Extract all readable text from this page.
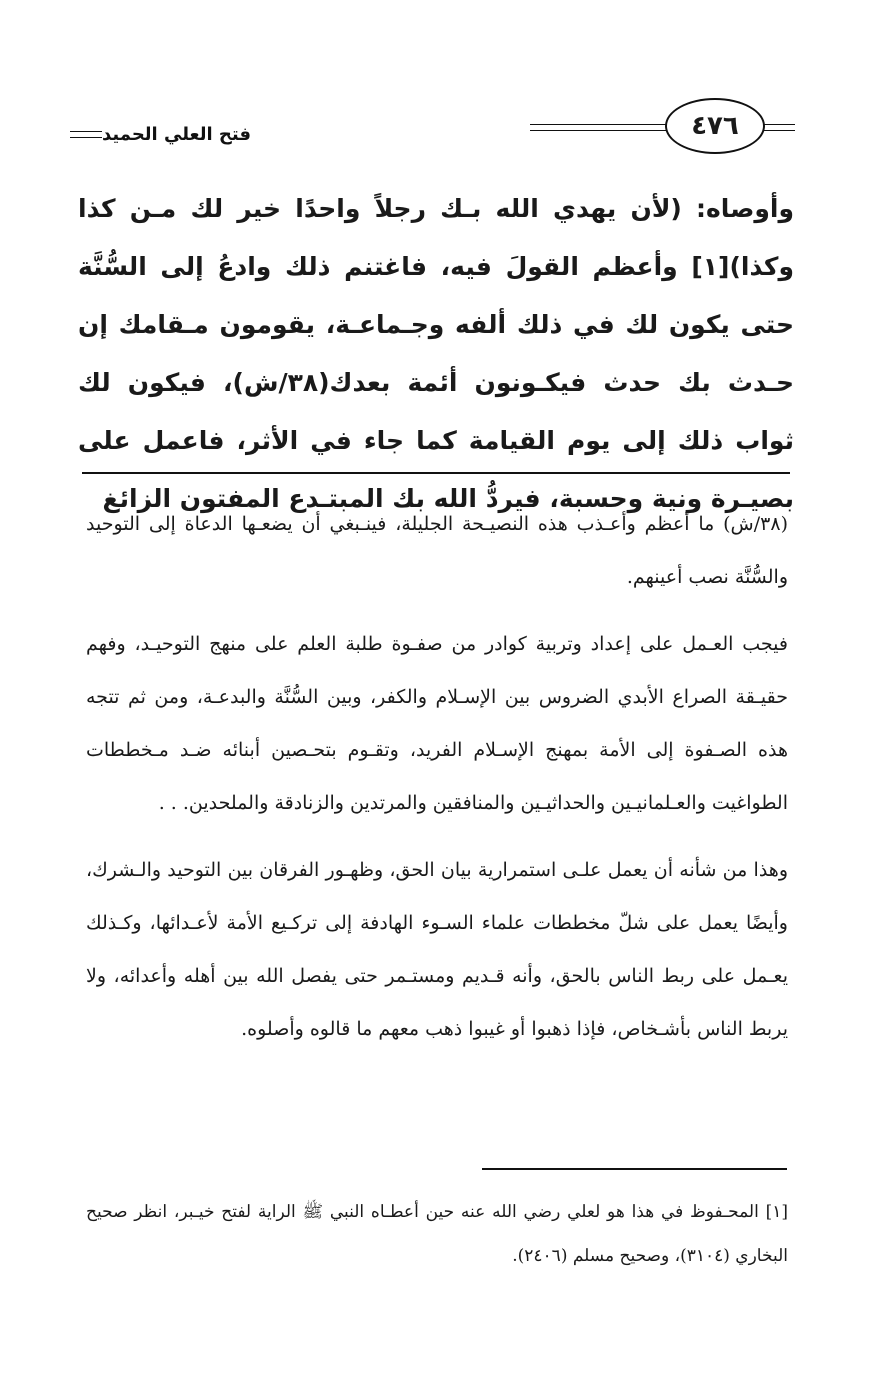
فتح العلي الحميد	٤٧٦

وأوصاه: (لأن يهدي الله بـك رجلاً واحدًا خير لك مـن كذا وكذا)[١] وأعظم القولَ فيه، فاغتنم ذلك وادعُ إلى السُّنَّة حتى يكون لك في ذلك ألفه وجـماعـة، يقومون مـقامك إن حـدث بك حدث فيكـونون أئمة بعدك(٣٨/ش)، فيكون لك ثواب ذلك إلى يوم القيامة كما جاء في الأثر، فاعمل على بصيـرة ونية وحسبة، فيردُّ الله بك المبتـدع المفتون الزائغ

(٣٨/ش) ما أعظم وأعـذب هذه النصيـحة الجليلة، فينـبغي أن يضعـها الدعاة إلى التوحيد والسُّنَّة نصب أعينهم.

فيجب العـمل على إعداد وتربية كوادر من صفـوة طلبة العلم على منهج التوحيـد، وفهم حقيـقة الصراع الأبدي الضروس بين الإسـلام والكفر، وبين السُّنَّة والبدعـة، ومن ثم تتجه هذه الصـفوة إلى الأمة بمهنج الإسـلام الفريد، وتقـوم بتحـصين أبنائه ضـد مـخططات الطواغيت والعـلمانيـين والحداثيـين والمنافقين والمرتدين والزنادقة والملحدين. . .

وهذا من شأنه أن يعمل علـى استمرارية بيان الحق، وظهـور الفرقان بين التوحيد والـشرك، وأيضًا يعمل على شلّ مخططات علماء السـوء الهادفة إلى تركـيع الأمة لأعـدائها، وكـذلك يعـمل على ربط الناس بالحق، وأنه قـديم ومستـمر حتى يفصل الله بين أهله وأعدائه، ولا يربط الناس بأشـخاص، فإذا ذهبوا أو غيبوا ذهب معهم ما قالوه وأصلوه.

[١] المحـفوظ في هذا هو لعلي رضي الله عنه حين أعطـاه النبي ﷺ الراية لفتح خيـبر، انظر صحيح البخاري (٣١٠٤)، وصحيح مسلم (٢٤٠٦).
